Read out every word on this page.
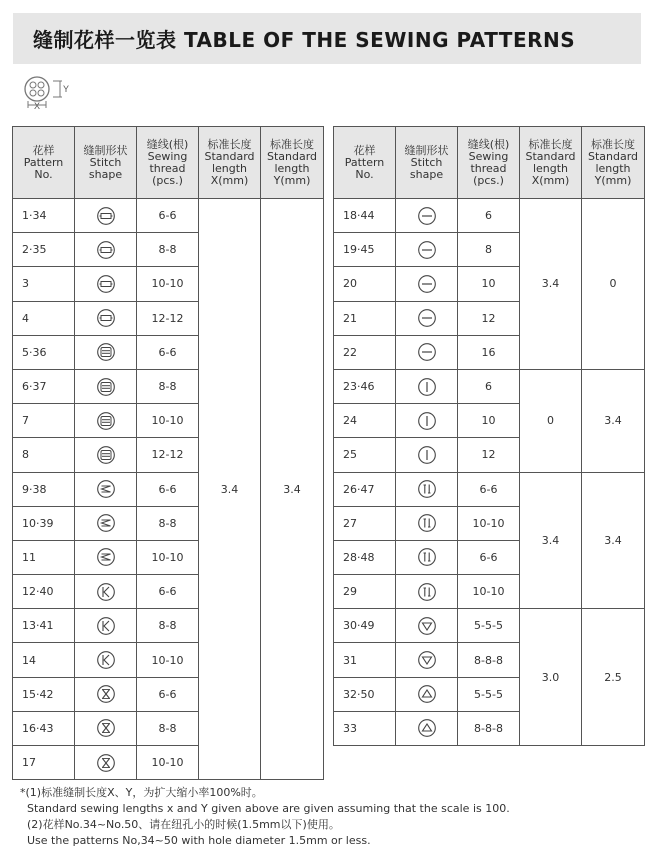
缝制花样一览表 TABLE OF THE SEWING PATTERNS
Y
X
花样
Pattern
No.	缝制形状
Stitch
shape	缝线(根)
Sewing
thread
(pcs.)	标准长度
Standard
length
X(mm)	标准长度
Standard
length
Y(mm)
1·34		6-6	3.4	3.4
2·35		8-8		
3		10-10		
4		12-12		
5·36		6-6		
6·37		8-8		
7		10-10		
8		12-12		
9·38		6-6		
10·39		8-8		
11		10-10		
12·40		6-6		
13·41		8-8		
14		10-10		
15·42		6-6		
16·43		8-8		
17		10-10		
花样
Pattern
No.	缝制形状
Stitch
shape	缝线(根)
Sewing
thread
(pcs.)	标准长度
Standard
length
X(mm)	标准长度
Standard
length
Y(mm)
18·44		6	3.4	0
19·45		8		
20		10		
21		12		
22		16		
23·46		6	0	3.4
24		10		
25		12		
26·47		6-6	3.4	3.4
27		10-10		
28·48		6-6		
29		10-10		
30·49		5-5-5	3.0	2.5
31		8-8-8		
32·50		5-5-5		
33		8-8-8		
*(1)标准缝制长度X、Y，为扩大缩小率100%时。
Standard sewing lengths x and Y given above are given assuming that the scale is 100.
(2)花样No.34~No.50、请在纽孔小的时候(1.5mm以下)使用。
Use the patterns No,34~50 with hole diameter 1.5mm or less.
